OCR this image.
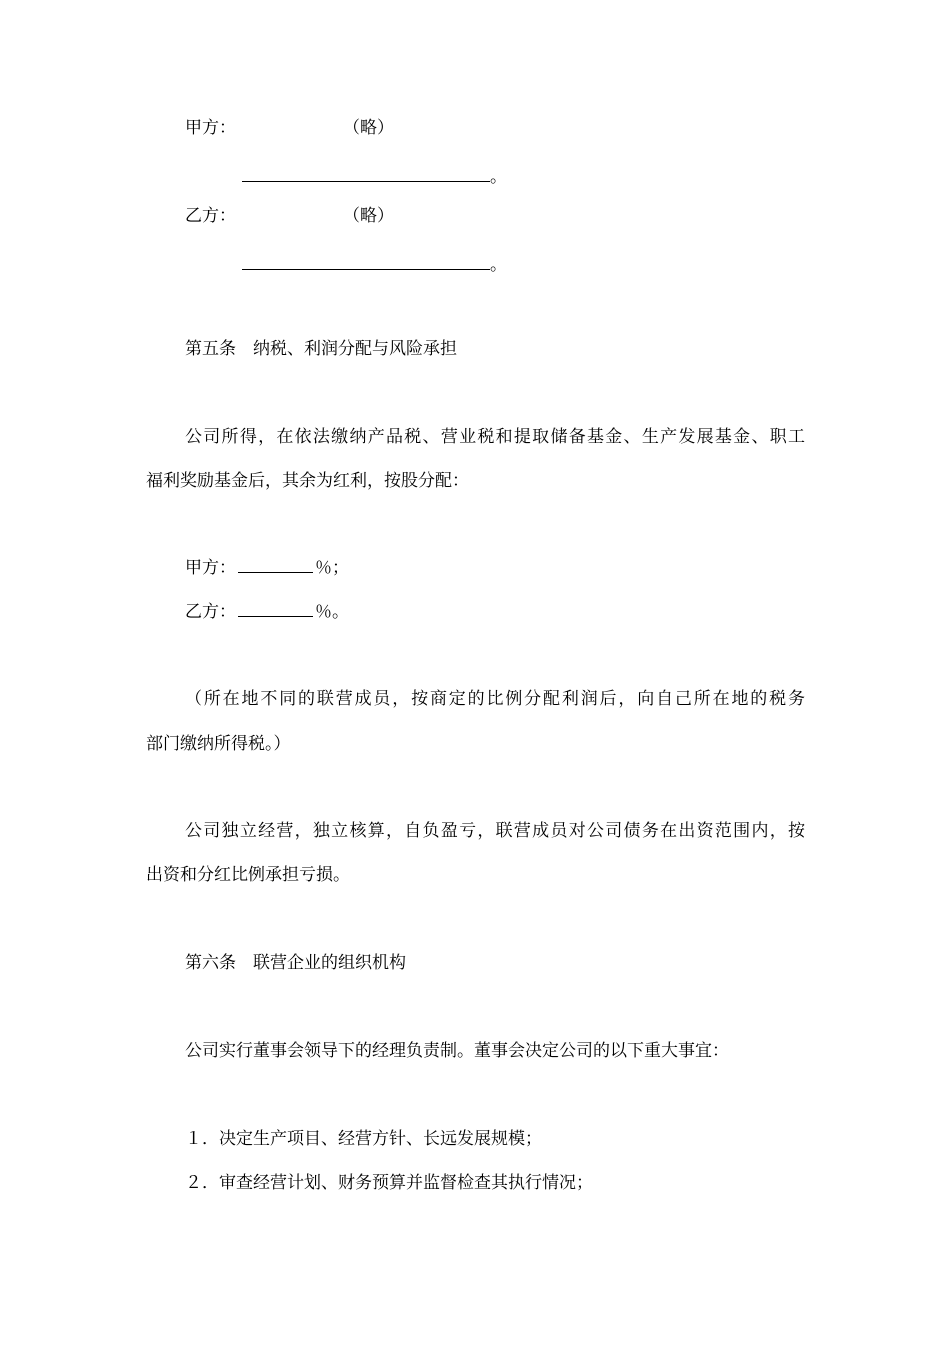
甲方：	（略）
。
乙方：	（略）
。
第五条　纳税、利润分配与风险承担
公司所得，在依法缴纳产品税、营业税和提取储备基金、生产发展基金、职工
福利奖励基金后，其余为红利，按股分配：
甲方：	％；
乙方：	％。
（所在地不同的联营成员，按商定的比例分配利润后，向自己所在地的税务
部门缴纳所得税。）
公司独立经营，独立核算，自负盈亏，联营成员对公司债务在出资范围内，按
出资和分红比例承担亏损。
第六条　联营企业的组织机构
公司实行董事会领导下的经理负责制。董事会决定公司的以下重大事宜：
１．决定生产项目、经营方针、长远发展规模；
２．审查经营计划、财务预算并监督检查其执行情况；
